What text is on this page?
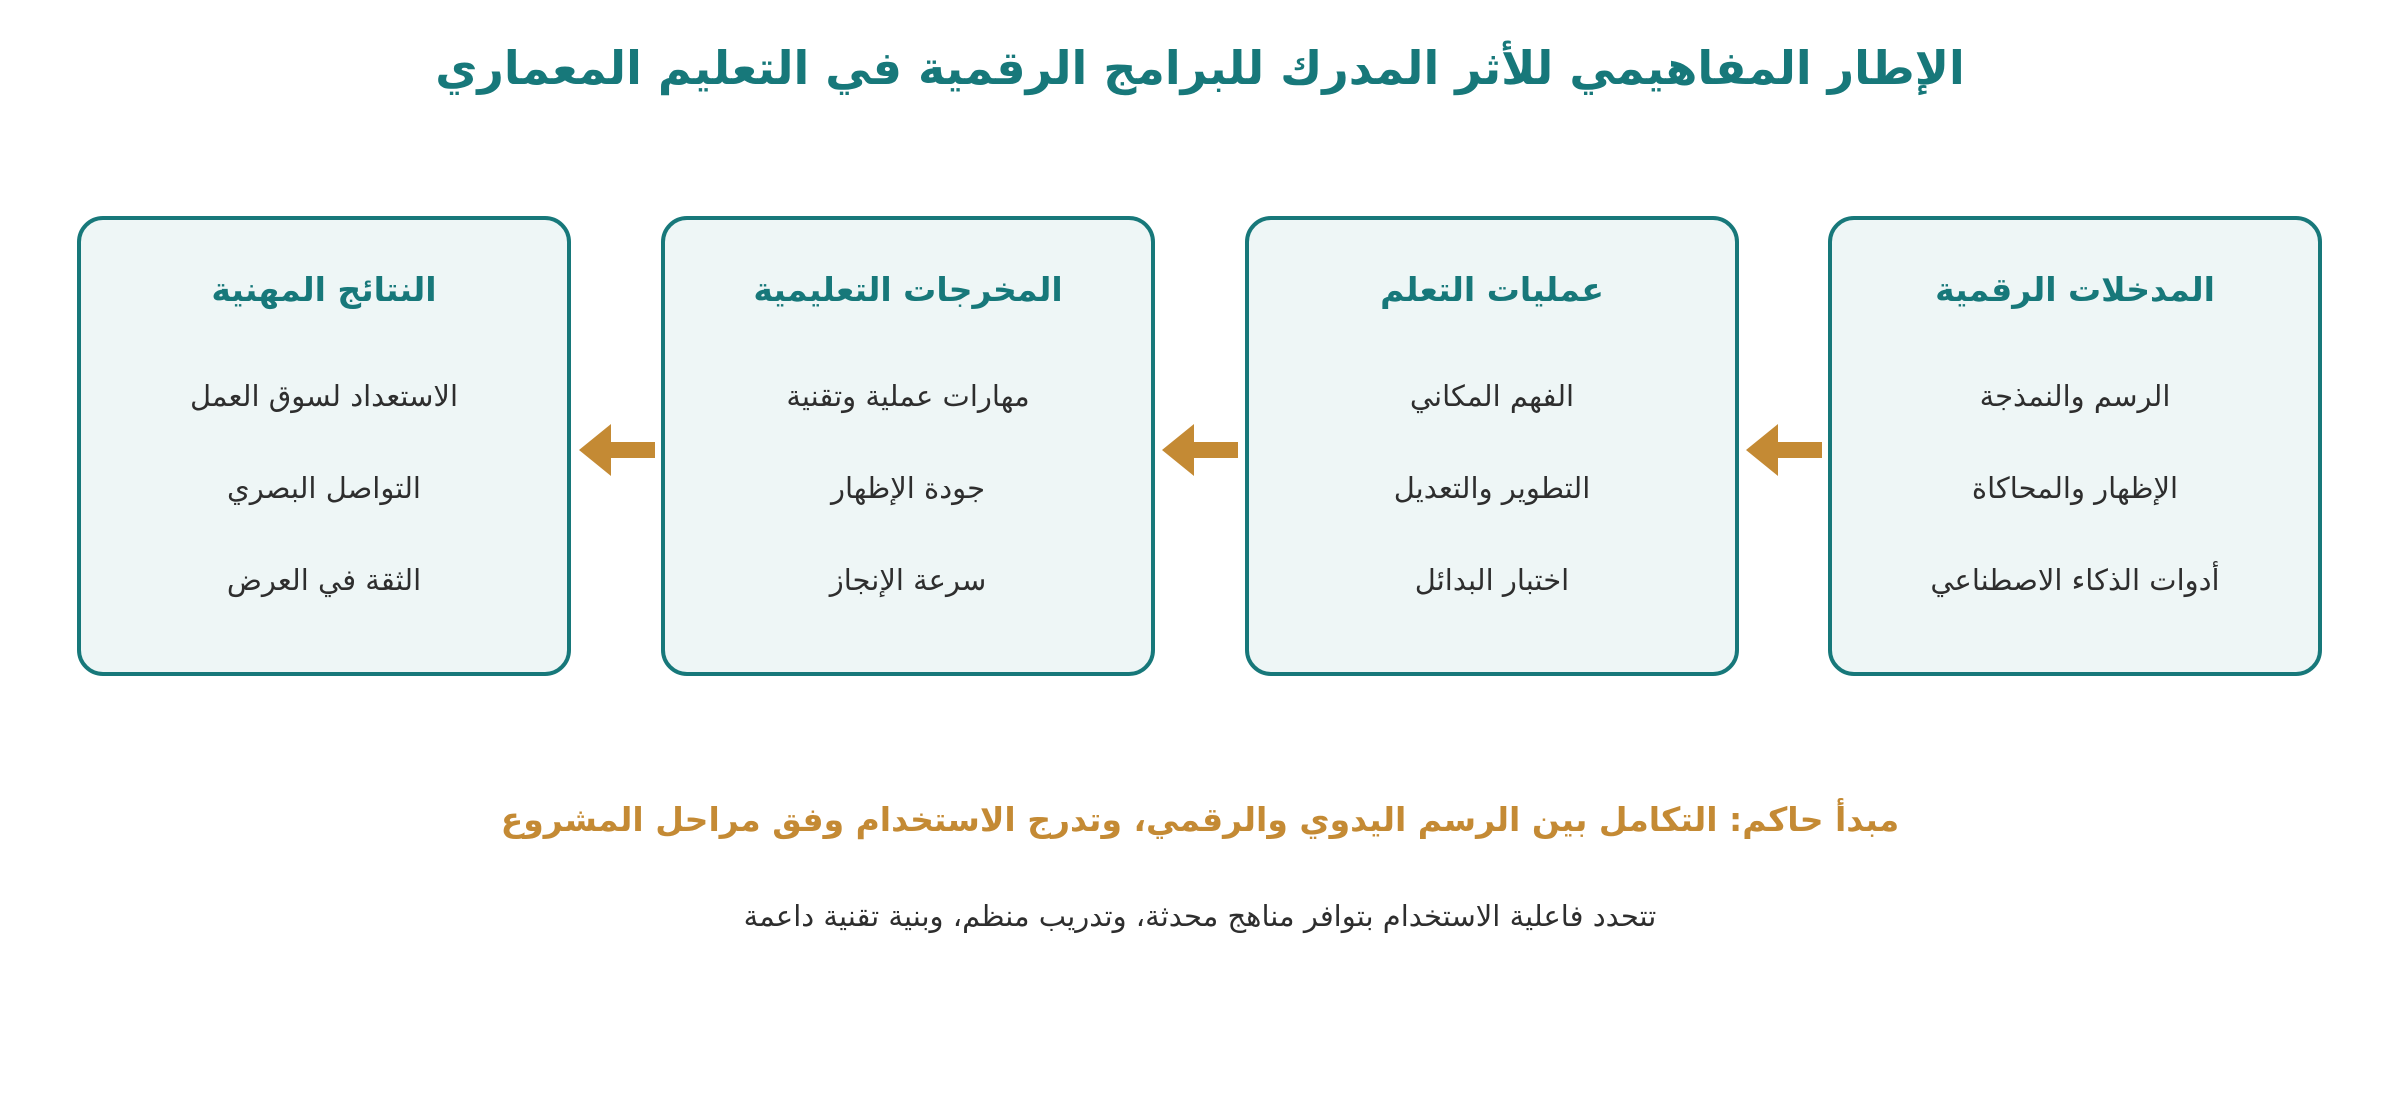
الإطار المفاهيمي للأثر المدرك للبرامج الرقمية في التعليم المعماري
المدخلات الرقمية
الرسم والنمذجة
الإظهار والمحاكاة
أدوات الذكاء الاصطناعي
عمليات التعلم
الفهم المكاني
التطوير والتعديل
اختبار البدائل
المخرجات التعليمية
مهارات عملية وتقنية
جودة الإظهار
سرعة الإنجاز
النتائج المهنية
الاستعداد لسوق العمل
التواصل البصري
الثقة في العرض
مبدأ حاكم: التكامل بين الرسم اليدوي والرقمي، وتدرج الاستخدام وفق مراحل المشروع
تتحدد فاعلية الاستخدام بتوافر مناهج محدثة، وتدريب منظم، وبنية تقنية داعمة
